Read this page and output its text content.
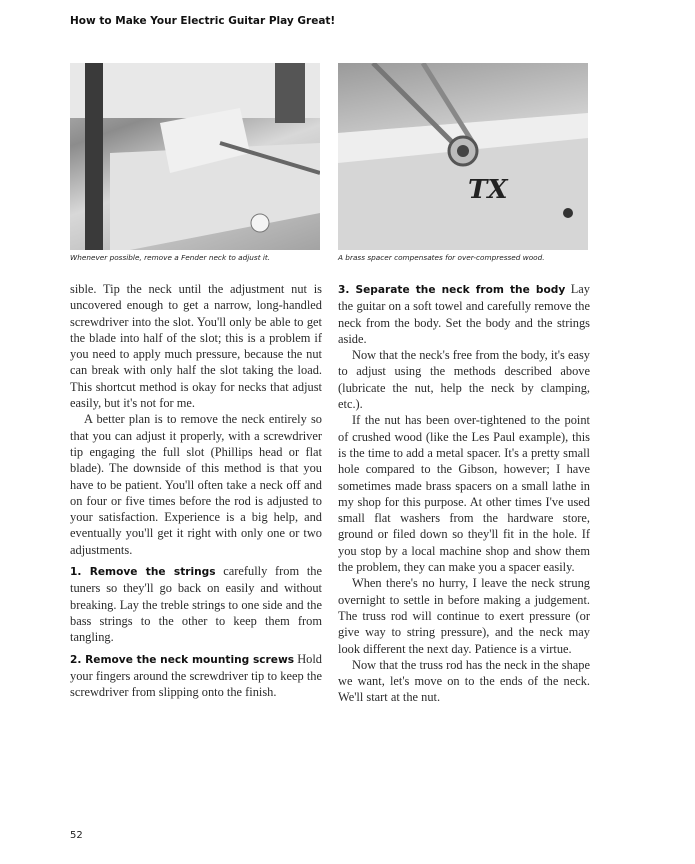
How to Make Your Electric Guitar Play Great!
Whenever possible, remove a Fender neck to adjust it.
TX
A brass spacer compensates for over-compressed wood.

sible. Tip the neck until the adjustment nut is uncovered enough to get a narrow, long-handled screwdriver into the slot. You'll only be able to get the blade into half of the slot; this is a problem if you need to apply much pressure, because the nut can break with only half the slot taking the load. This shortcut method is okay for necks that adjust easily, but it's not for me.

A better plan is to remove the neck entirely so that you can adjust it properly, with a screwdriver tip engaging the full slot (Phillips head or flat blade). The downside of this method is that you have to be patient. You'll often take a neck off and on four or five times before the rod is adjusted to your satisfaction. Experience is a big help, and eventually you'll get it right with only one or two adjustments.

1. Remove the strings carefully from the tuners so they'll go back on easily and without breaking. Lay the treble strings to one side and the bass strings to the other to keep them from tangling.

2. Remove the neck mounting screws Hold your fingers around the screwdriver tip to keep the screwdriver from slipping onto the finish.

3. Separate the neck from the body Lay the guitar on a soft towel and carefully remove the neck from the body. Set the body and the strings aside.

Now that the neck's free from the body, it's easy to adjust using the methods described above (lubricate the nut, help the neck by clamping, etc.).

If the nut has been over-tightened to the point of crushed wood (like the Les Paul example), this is the time to add a metal spacer. It's a pretty small hole compared to the Gibson, however; I have sometimes made brass spacers on a small lathe in my shop for this purpose. At other times I've used small flat washers from the hardware store, ground or filed down so they'll fit in the hole. If you stop by a local machine shop and show them the problem, they can make you a spacer easily.

When there's no hurry, I leave the neck strung overnight to settle in before making a judgement. The truss rod will continue to exert pressure (or give way to string pressure), and the neck may look different the next day. Patience is a virtue.

Now that the truss rod has the neck in the shape we want, let's move on to the ends of the neck. We'll start at the nut.

52
